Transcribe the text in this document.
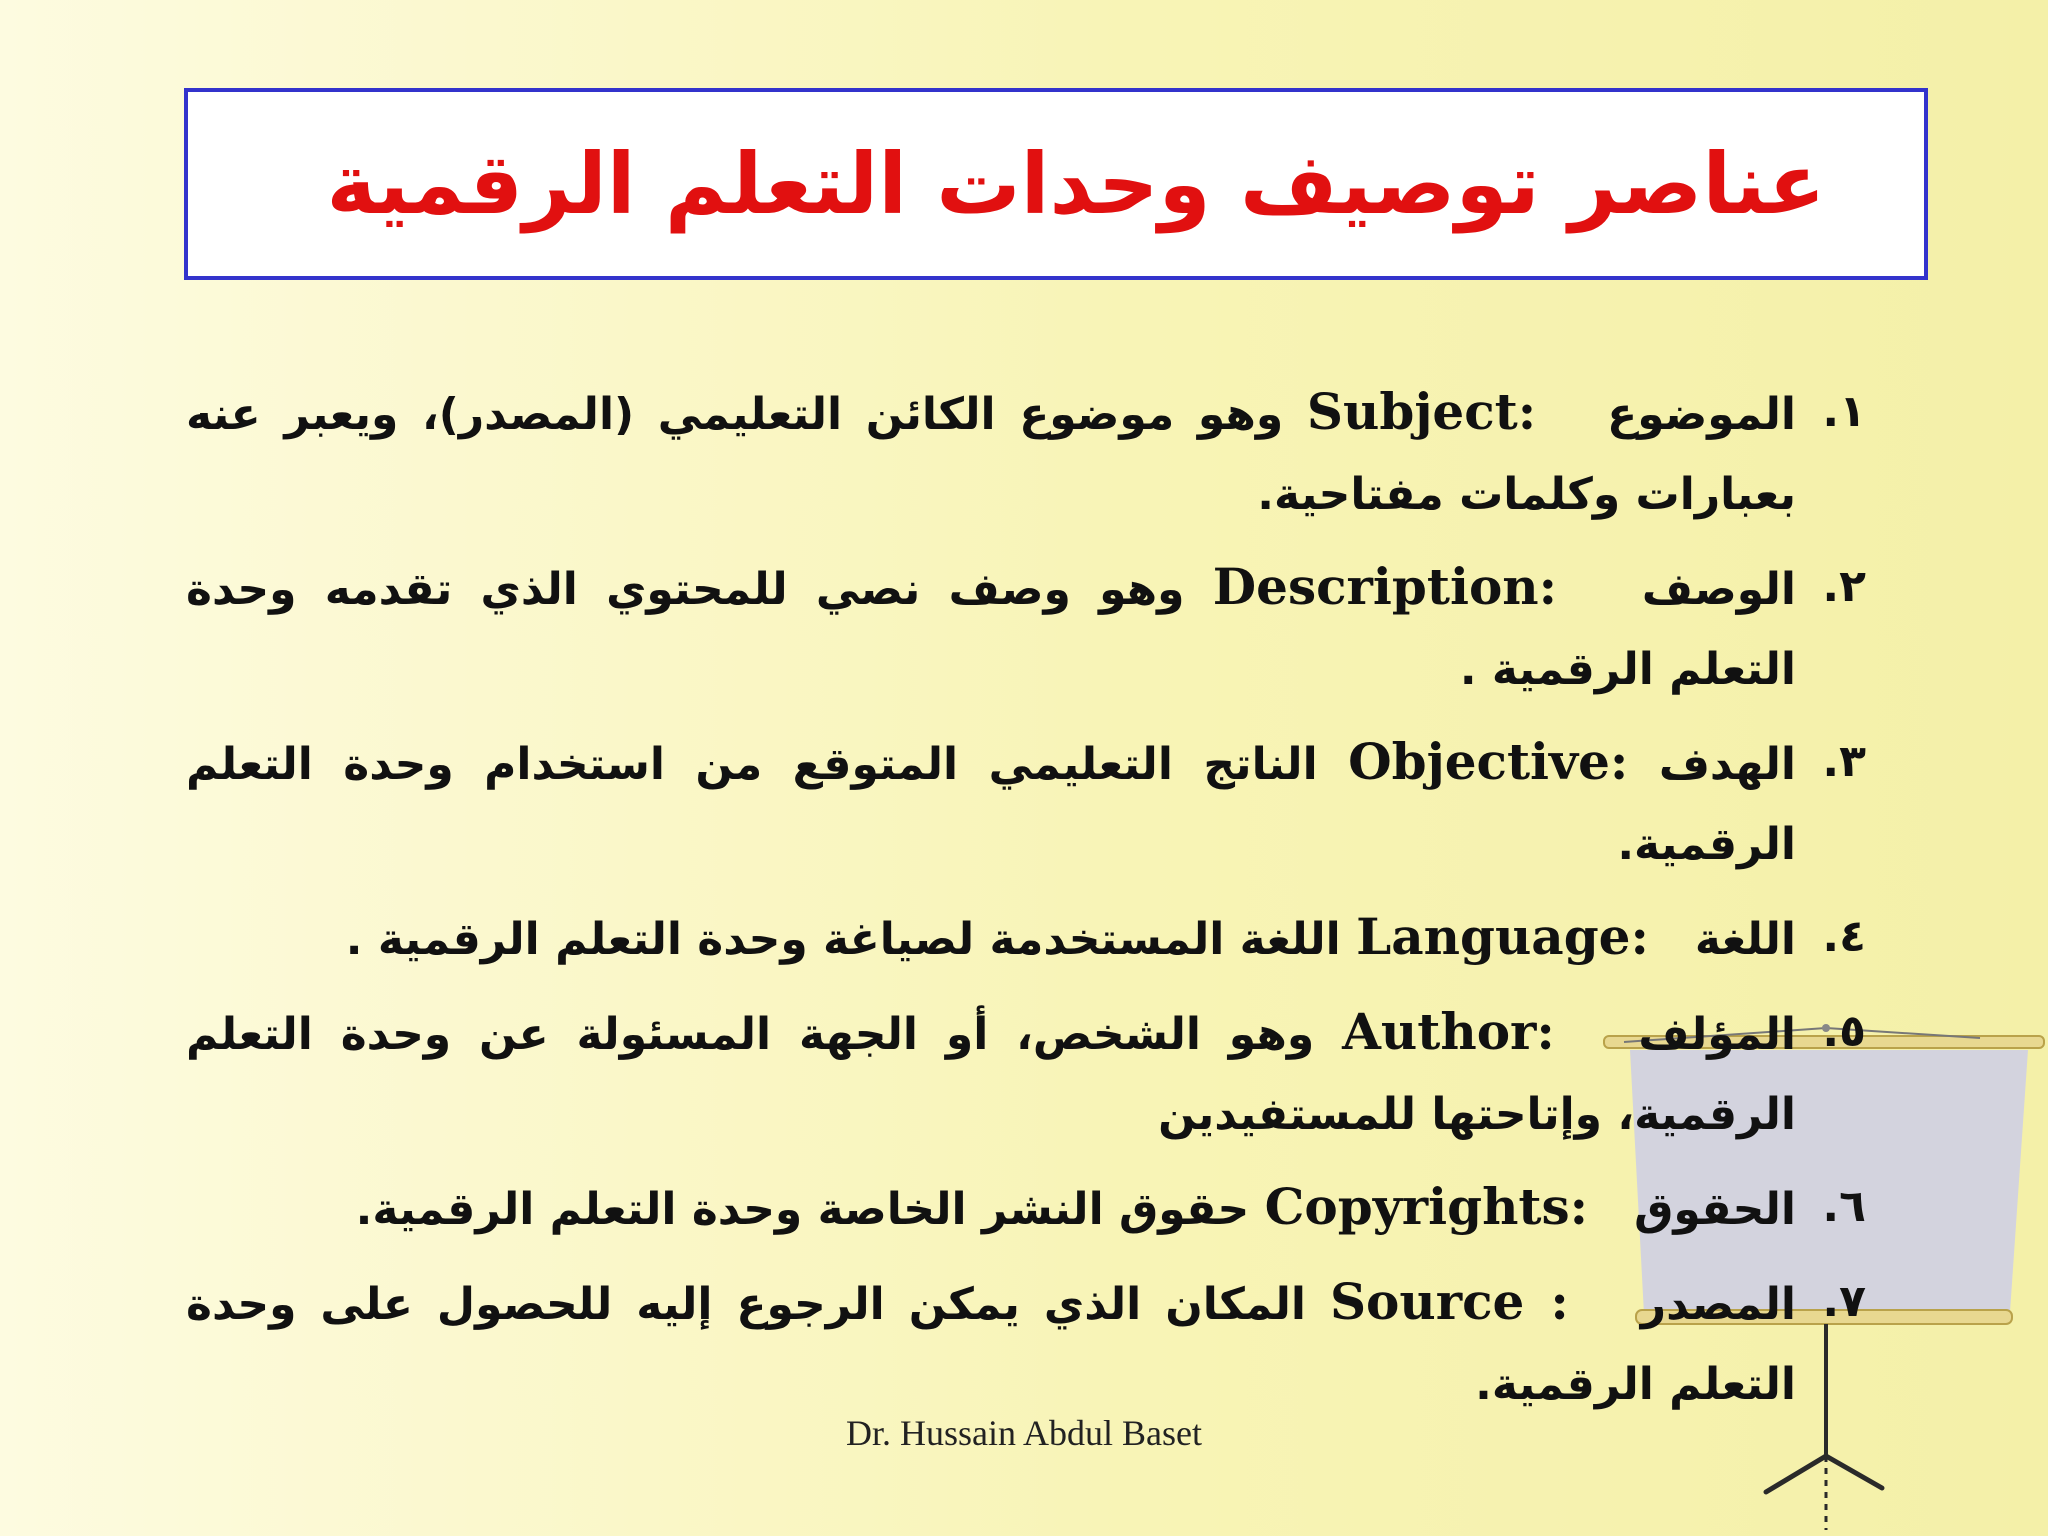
عناصر توصيف وحدات التعلم الرقمية
١.
الموضوع   Subject: وهو موضوع الكائن التعليمي (المصدر)، ويعبر عنه بعبارات وكلمات مفتاحية.
٢.
الوصف   Description: وهو وصف نصي للمحتوي الذي تقدمه وحدة التعلم الرقمية .
٣.
الهدف Objective: الناتج التعليمي المتوقع من استخدام وحدة التعلم الرقمية.
٤.
اللغة   Language: اللغة المستخدمة لصياغة وحدة التعلم الرقمية .
٥.
المؤلف   Author: وهو الشخص، أو الجهة المسئولة عن وحدة التعلم الرقمية، وإتاحتها للمستفيدين
٦.
الحقوق   Copyrights: حقوق النشر الخاصة وحدة التعلم الرقمية.
٧.
المصدر   Source : المكان الذي يمكن الرجوع إليه للحصول على وحدة التعلم الرقمية.
Dr. Hussain Abdul Baset
